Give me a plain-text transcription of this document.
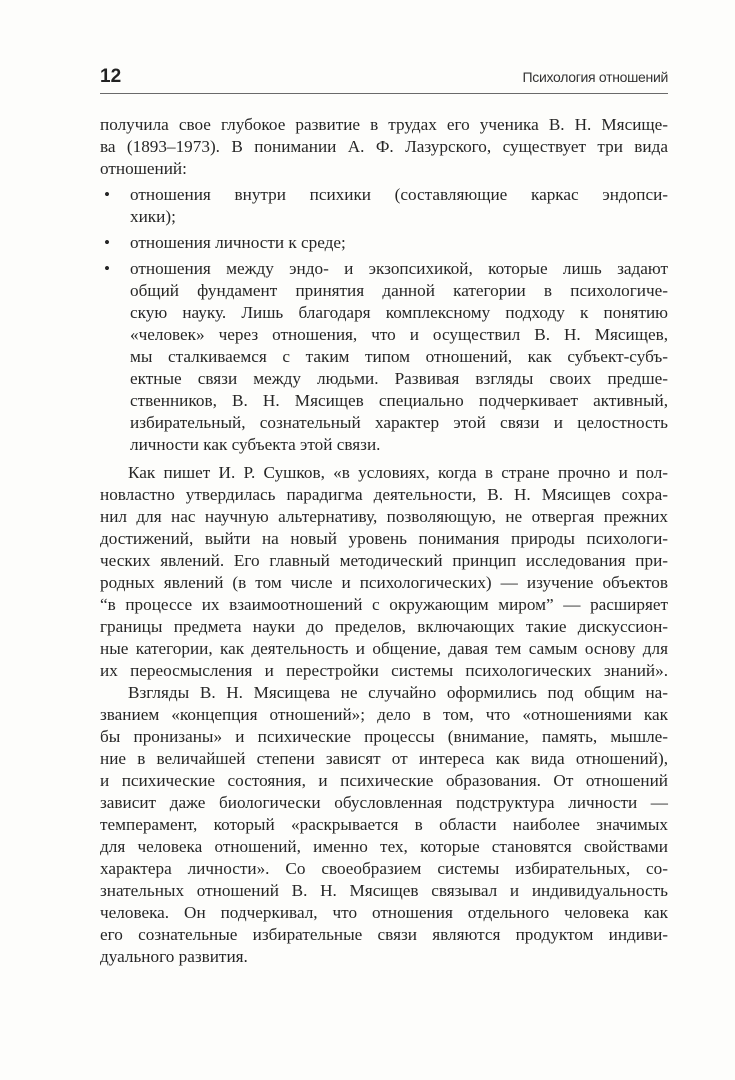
12	Психология отношений
получила свое глубокое развитие в трудах его ученика В. Н. Мясище-
ва (1893–1973). В понимании А. Ф. Лазурского, существует три вида
отношений:
• отношения внутри психики (составляющие каркас эндопси-
хики);
• отношения личности к среде;
• отношения между эндо- и экзопсихикой, которые лишь задают
общий фундамент принятия данной категории в психологиче-
скую науку. Лишь благодаря комплексному подходу к понятию
«человек» через отношения, что и осуществил В. Н. Мясищев,
мы сталкиваемся с таким типом отношений, как субъект-субъ-
ектные связи между людьми. Развивая взгляды своих предше-
ственников, В. Н. Мясищев специально подчеркивает активный,
избирательный, сознательный характер этой связи и целостность
личности как субъекта этой связи.
Как пишет И. Р. Сушков, «в условиях, когда в стране прочно и пол-
новластно утвердилась парадигма деятельности, В. Н. Мясищев сохра-
нил для нас научную альтернативу, позволяющую, не отвергая прежних
достижений, выйти на новый уровень понимания природы психологи-
ческих явлений. Его главный методический принцип исследования при-
родных явлений (в том числе и психологических) — изучение объектов
“в процессе их взаимоотношений с окружающим миром” — расширяет
границы предмета науки до пределов, включающих такие дискуссион-
ные категории, как деятельность и общение, давая тем самым основу для
их переосмысления и перестройки системы психологических знаний».
Взгляды В. Н. Мясищева не случайно оформились под общим на-
званием «концепция отношений»; дело в том, что «отношениями как
бы пронизаны» и психические процессы (внимание, память, мышле-
ние в величайшей степени зависят от интереса как вида отношений),
и психические состояния, и психические образования. От отношений
зависит даже биологически обусловленная подструктура личности —
темперамент, который «раскрывается в области наиболее значимых
для человека отношений, именно тех, которые становятся свойствами
характера личности». Со своеобразием системы избирательных, со-
знательных отношений В. Н. Мясищев связывал и индивидуальность
человека. Он подчеркивал, что отношения отдельного человека как
его сознательные избирательные связи являются продуктом индиви-
дуального развития.
